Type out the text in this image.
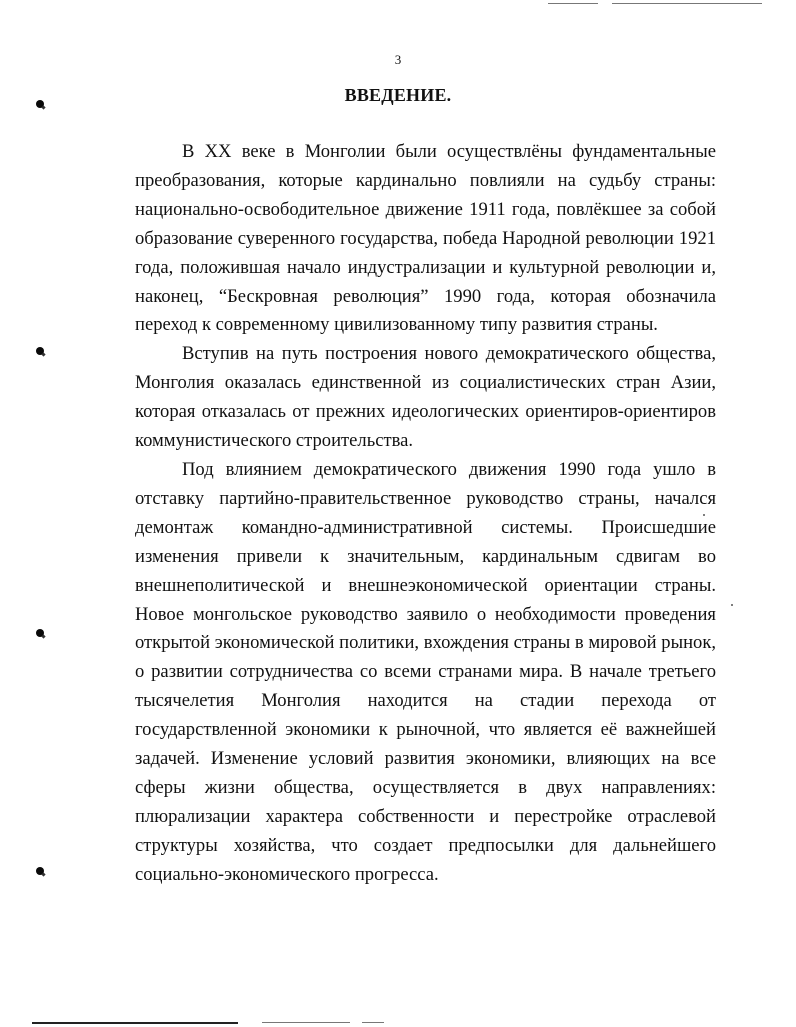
3
ВВЕДЕНИЕ.

В XX веке в Монголии были осуществлёны фундаментальные преобразования, которые кардинально повлияли на судьбу страны: национально-освободительное движение 1911 года, повлёкшее за собой образование суверенного государства, победа Народной революции 1921 года, положившая начало индустрализации и культурной революции и, наконец, “Бескровная революция” 1990 года, которая обозначила переход к современному цивилизованному типу развития страны.

Вступив на путь построения нового демократического общества, Монголия оказалась единственной из социалистических стран Азии, которая отказалась от прежних идеологических ориентиров-ориентиров коммунистического строительства.

Под влиянием демократического движения 1990 года ушло в отставку партийно-правительственное руководство страны, начался демонтаж командно-административной системы. Происшедшие изменения привели к значительным, кардинальным сдвигам во внешнеполитической и внешнеэкономической ориентации страны. Новое монгольское руководство заявило о необходимости проведения открытой экономической политики, вхождения страны в мировой рынок, о развитии сотрудничества со всеми странами мира. В начале третьего тысячелетия Монголия находится на стадии перехода от государствленной экономики к рыночной, что является её важнейшей задачей. Изменение условий развития экономики, влияющих на все сферы жизни общества, осуществляется в двух направлениях: плюрализации характера собственности и перестройке отраслевой структуры хозяйства, что создает предпосылки для дальнейшего социально-экономического прогресса.
